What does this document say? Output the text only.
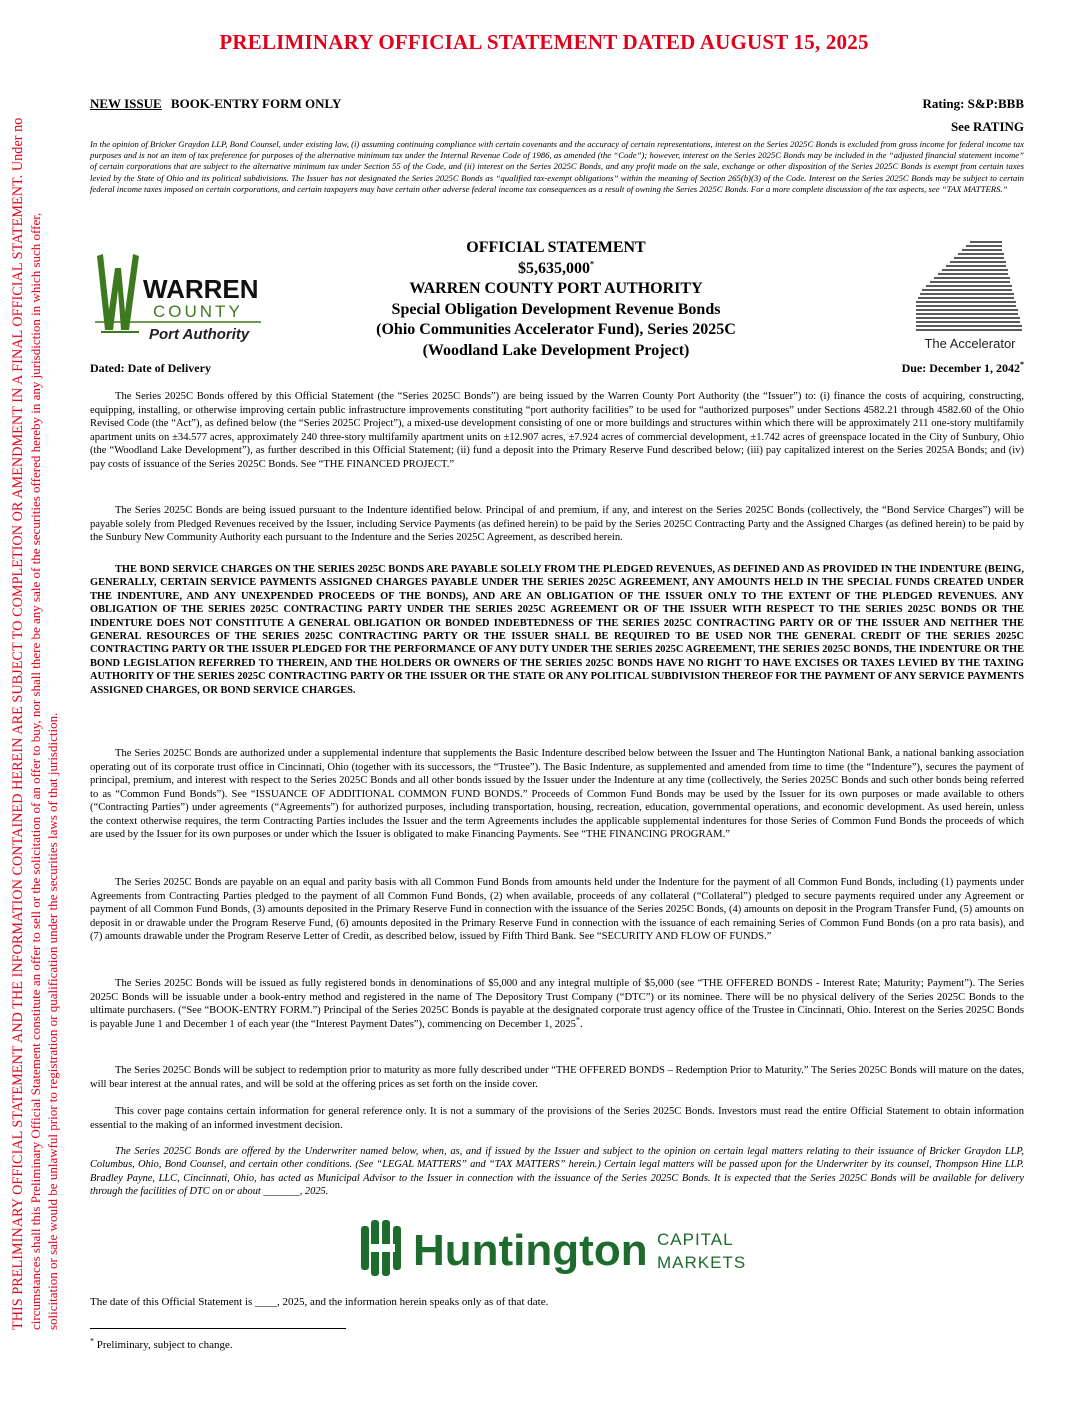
PRELIMINARY OFFICIAL STATEMENT DATED AUGUST 15, 2025
THIS PRELIMINARY OFFICIAL STATEMENT AND THE INFORMATION CONTAINED HEREIN ARE SUBJECT TO COMPLETION OR AMENDMENT IN A FINAL OFFICIAL STATEMENT. Under no circumstances shall this Preliminary Official Statement constitute an offer to sell or the solicitation of an offer to buy, nor shall there be any sale of the securities offered hereby in any jurisdiction in which such offer, solicitation or sale would be unlawful prior to registration or qualification under the securities laws of that jurisdiction.
NEW ISSUE BOOK-ENTRY FORM ONLY	Rating: S&P:BBB
See RATING
In the opinion of Bricker Graydon LLP, Bond Counsel, under existing law, (i) assuming continuing compliance with certain covenants and the accuracy of certain representations, interest on the Series 2025C Bonds is excluded from gross income for federal income tax purposes and is not an item of tax preference for purposes of the alternative minimum tax under the Internal Revenue Code of 1986, as amended (the “Code”); however, interest on the Series 2025C Bonds may be included in the “adjusted financial statement income” of certain corporations that are subject to the alternative minimum tax under Section 55 of the Code, and (ii) interest on the Series 2025C Bonds, and any profit made on the sale, exchange or other disposition of the Series 2025C Bonds is exempt from certain taxes levied by the State of Ohio and its political subdivisions. The Issuer has not designated the Series 2025C Bonds as “qualified tax-exempt obligations” within the meaning of Section 265(b)(3) of the Code. Interest on the Series 2025C Bonds may be subject to certain federal income taxes imposed on certain corporations, and certain taxpayers may have certain other adverse federal income tax consequences as a result of owning the Series 2025C Bonds. For a more complete discussion of the tax aspects, see “TAX MATTERS.”
WARREN
COUNTY
Port Authority
OFFICIAL STATEMENT
$5,635,000*
WARREN COUNTY PORT AUTHORITY
Special Obligation Development Revenue Bonds
(Ohio Communities Accelerator Fund), Series 2025C
(Woodland Lake Development Project)	The Accelerator
Dated: Date of Delivery	Due: December 1, 2042*
The Series 2025C Bonds offered by this Official Statement (the “Series 2025C Bonds”) are being issued by the Warren County Port Authority (the “Issuer”) to: (i) finance the costs of acquiring, constructing, equipping, installing, or otherwise improving certain public infrastructure improvements constituting “port authority facilities” to be used for “authorized purposes” under Sections 4582.21 through 4582.60 of the Ohio Revised Code (the “Act”), as defined below (the “Series 2025C Project”), a mixed-use development consisting of one or more buildings and structures within which there will be approximately 211 one-story multifamily apartment units on ±34.577 acres, approximately 240 three-story multifamily apartment units on ±12.907 acres, ±7.924 acres of commercial development, ±1.742 acres of greenspace located in the City of Sunbury, Ohio (the “Woodland Lake Development”), as further described in this Official Statement; (ii) fund a deposit into the Primary Reserve Fund described below; (iii) pay capitalized interest on the Series 2025A Bonds; and (iv) pay costs of issuance of the Series 2025C Bonds. See “THE FINANCED PROJECT.”
The Series 2025C Bonds are being issued pursuant to the Indenture identified below. Principal of and premium, if any, and interest on the Series 2025C Bonds (collectively, the “Bond Service Charges”) will be payable solely from Pledged Revenues received by the Issuer, including Service Payments (as defined herein) to be paid by the Series 2025C Contracting Party and the Assigned Charges (as defined herein) to be paid by the Sunbury New Community Authority each pursuant to the Indenture and the Series 2025C Agreement, as described herein.
THE BOND SERVICE CHARGES ON THE SERIES 2025C BONDS ARE PAYABLE SOLELY FROM THE PLEDGED REVENUES, AS DEFINED AND AS PROVIDED IN THE INDENTURE (BEING, GENERALLY, CERTAIN SERVICE PAYMENTS ASSIGNED CHARGES PAYABLE UNDER THE SERIES 2025C AGREEMENT, ANY AMOUNTS HELD IN THE SPECIAL FUNDS CREATED UNDER THE INDENTURE, AND ANY UNEXPENDED PROCEEDS OF THE BONDS), AND ARE AN OBLIGATION OF THE ISSUER ONLY TO THE EXTENT OF THE PLEDGED REVENUES. ANY OBLIGATION OF THE SERIES 2025C CONTRACTING PARTY UNDER THE SERIES 2025C AGREEMENT OR OF THE ISSUER WITH RESPECT TO THE SERIES 2025C BONDS OR THE INDENTURE DOES NOT CONSTITUTE A GENERAL OBLIGATION OR BONDED INDEBTEDNESS OF THE SERIES 2025C CONTRACTING PARTY OR OF THE ISSUER AND NEITHER THE GENERAL RESOURCES OF THE SERIES 2025C CONTRACTING PARTY OR THE ISSUER SHALL BE REQUIRED TO BE USED NOR THE GENERAL CREDIT OF THE SERIES 2025C CONTRACTING PARTY OR THE ISSUER PLEDGED FOR THE PERFORMANCE OF ANY DUTY UNDER THE SERIES 2025C AGREEMENT, THE SERIES 2025C BONDS, THE INDENTURE OR THE BOND LEGISLATION REFERRED TO THEREIN, AND THE HOLDERS OR OWNERS OF THE SERIES 2025C BONDS HAVE NO RIGHT TO HAVE EXCISES OR TAXES LEVIED BY THE TAXING AUTHORITY OF THE SERIES 2025C CONTRACTING PARTY OR THE ISSUER OR THE STATE OR ANY POLITICAL SUBDIVISION THEREOF FOR THE PAYMENT OF ANY SERVICE PAYMENTS ASSIGNED CHARGES, OR BOND SERVICE CHARGES.
The Series 2025C Bonds are authorized under a supplemental indenture that supplements the Basic Indenture described below between the Issuer and The Huntington National Bank, a national banking association operating out of its corporate trust office in Cincinnati, Ohio (together with its successors, the “Trustee”). The Basic Indenture, as supplemented and amended from time to time (the “Indenture”), secures the payment of principal, premium, and interest with respect to the Series 2025C Bonds and all other bonds issued by the Issuer under the Indenture at any time (collectively, the Series 2025C Bonds and such other bonds being referred to as “Common Fund Bonds”). See “ISSUANCE OF ADDITIONAL COMMON FUND BONDS.” Proceeds of Common Fund Bonds may be used by the Issuer for its own purposes or made available to others (“Contracting Parties”) under agreements (“Agreements”) for authorized purposes, including transportation, housing, recreation, education, governmental operations, and economic development. As used herein, unless the context otherwise requires, the term Contracting Parties includes the Issuer and the term Agreements includes the applicable supplemental indentures for those Series of Common Fund Bonds the proceeds of which are used by the Issuer for its own purposes or under which the Issuer is obligated to make Financing Payments. See “THE FINANCING PROGRAM.”
The Series 2025C Bonds are payable on an equal and parity basis with all Common Fund Bonds from amounts held under the Indenture for the payment of all Common Fund Bonds, including (1) payments under Agreements from Contracting Parties pledged to the payment of all Common Fund Bonds, (2) when available, proceeds of any collateral (“Collateral”) pledged to secure payments required under any Agreement or payment of all Common Fund Bonds, (3) amounts deposited in the Primary Reserve Fund in connection with the issuance of the Series 2025C Bonds, (4) amounts on deposit in the Program Transfer Fund, (5) amounts on deposit in or drawable under the Program Reserve Fund, (6) amounts deposited in the Primary Reserve Fund in connection with the issuance of each remaining Series of Common Fund Bonds (on a pro rata basis), and (7) amounts drawable under the Program Reserve Letter of Credit, as described below, issued by Fifth Third Bank. See “SECURITY AND FLOW OF FUNDS.”
The Series 2025C Bonds will be issued as fully registered bonds in denominations of $5,000 and any integral multiple of $5,000 (see “THE OFFERED BONDS - Interest Rate; Maturity; Payment”). The Series 2025C Bonds will be issuable under a book-entry method and registered in the name of The Depository Trust Company (“DTC”) or its nominee. There will be no physical delivery of the Series 2025C Bonds to the ultimate purchasers. (“See “BOOK-ENTRY FORM.”) Principal of the Series 2025C Bonds is payable at the designated corporate trust agency office of the Trustee in Cincinnati, Ohio. Interest on the Series 2025C Bonds is payable June 1 and December 1 of each year (the “Interest Payment Dates”), commencing on December 1, 2025*.
The Series 2025C Bonds will be subject to redemption prior to maturity as more fully described under “THE OFFERED BONDS – Redemption Prior to Maturity.” The Series 2025C Bonds will mature on the dates, will bear interest at the annual rates, and will be sold at the offering prices as set forth on the inside cover.
This cover page contains certain information for general reference only. It is not a summary of the provisions of the Series 2025C Bonds. Investors must read the entire Official Statement to obtain information essential to the making of an informed investment decision.
The Series 2025C Bonds are offered by the Underwriter named below, when, as, and if issued by the Issuer and subject to the opinion on certain legal matters relating to their issuance of Bricker Graydon LLP, Columbus, Ohio, Bond Counsel, and certain other conditions. (See “LEGAL MATTERS” and “TAX MATTERS” herein.) Certain legal matters will be passed upon for the Underwriter by its counsel, Thompson Hine LLP. Bradley Payne, LLC, Cincinnati, Ohio, has acted as Municipal Advisor to the Issuer in connection with the issuance of the Series 2025C Bonds. It is expected that the Series 2025C Bonds will be available for delivery through the facilities of DTC on or about _______, 2025.
Huntington CAPITAL
MARKETS
The date of this Official Statement is ____, 2025, and the information herein speaks only as of that date.
* Preliminary, subject to change.
